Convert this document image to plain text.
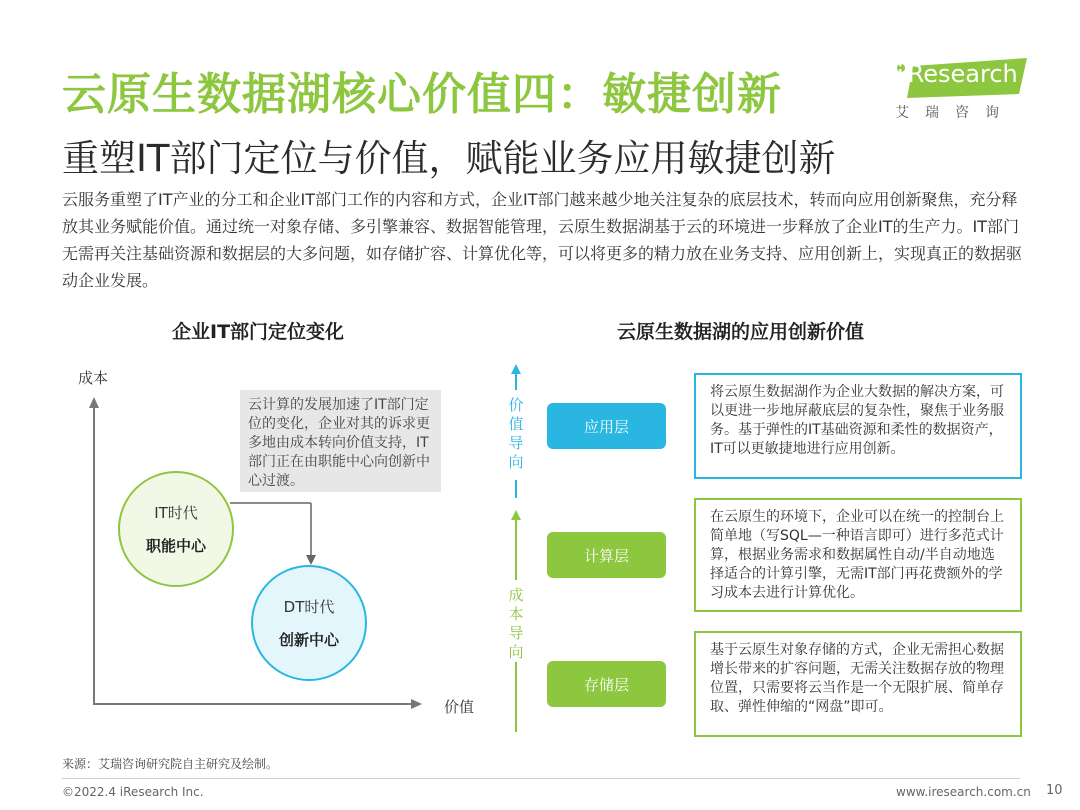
云原生数据湖核心价值四：敏捷创新
重塑IT部门定位与价值，赋能业务应用敏捷创新
i Research
艾瑞咨询
云服务重塑了IT产业的分工和企业IT部门工作的内容和方式，企业IT部门越来越少地关注复杂的底层技术，转而向应用创新聚焦，充分释放其业务赋能价值。通过统一对象存储、多引擎兼容、数据智能管理，云原生数据湖基于云的环境进一步释放了企业IT的生产力。IT部门无需再关注基础资源和数据层的大多问题，如存储扩容、计算优化等，可以将更多的精力放在业务支持、应用创新上，实现真正的数据驱动企业发展。
企业IT部门定位变化
成本
价值
云计算的发展加速了IT部门定位的变化，企业对其的诉求更多地由成本转向价值支持，IT部门正在由职能中心向创新中心过渡。
IT时代
职能中心
DT时代
创新中心
云原生数据湖的应用创新价值
价值导向
成本导向
应用层
计算层
存储层
将云原生数据湖作为企业大数据的解决方案，可以更进一步地屏蔽底层的复杂性，聚焦于业务服务。基于弹性的IT基础资源和柔性的数据资产，IT可以更敏捷地进行应用创新。
在云原生的环境下，企业可以在统一的控制台上简单地（写SQL—一种语言即可）进行多范式计算，根据业务需求和数据属性自动/半自动地选择适合的计算引擎，无需IT部门再花费额外的学习成本去进行计算优化。
基于云原生对象存储的方式，企业无需担心数据增长带来的扩容问题，无需关注数据存放的物理位置，只需要将云当作是一个无限扩展、简单存取、弹性伸缩的“网盘”即可。
来源：艾瑞咨询研究院自主研究及绘制。
©2022.4 iResearch Inc.	www.iresearch.com.cn 10
